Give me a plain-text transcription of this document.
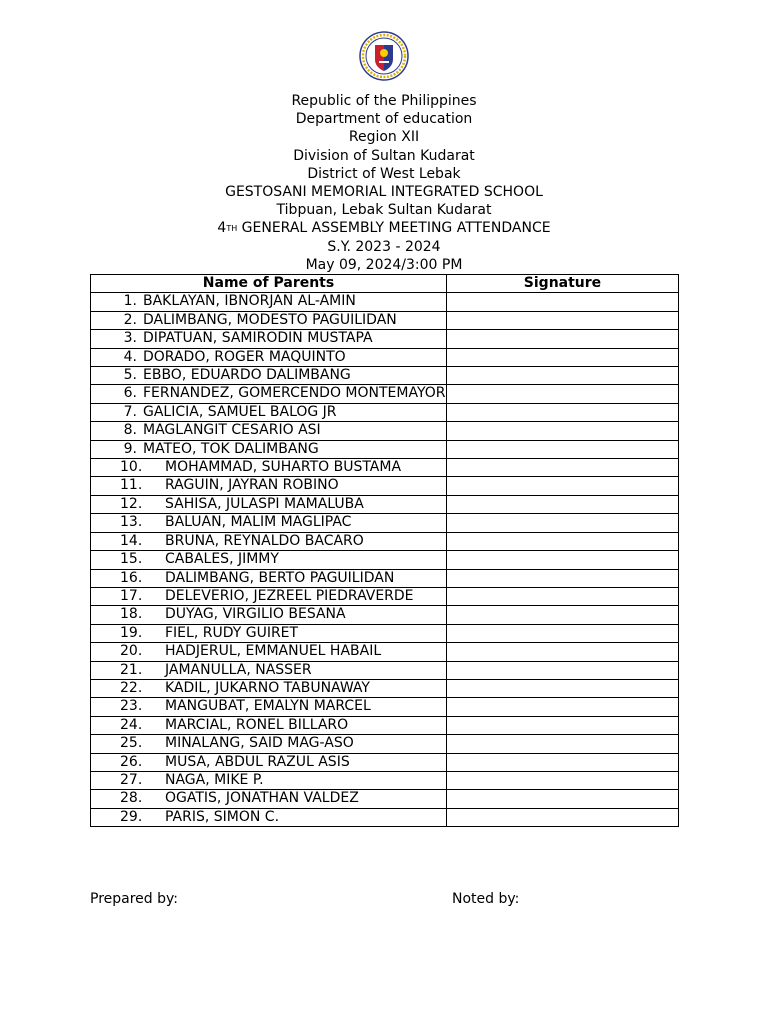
Republic of the Philippines
Department of education
Region XII
Division of Sultan Kudarat
District of West Lebak
GESTOSANI MEMORIAL INTEGRATED SCHOOL
Tibpuan, Lebak Sultan Kudarat
4TH GENERAL ASSEMBLY MEETING ATTENDANCE
S.Y. 2023 - 2024
May 09, 2024/3:00 PM
Name of Parents	Signature

1. BAKLAYAN, IBNORJAN AL-AMIN	

2. DALIMBANG, MODESTO PAGUILIDAN	

3. DIPATUAN, SAMIRODIN MUSTAPA	

4. DORADO, ROGER MAQUINTO	

5. EBBO, EDUARDO DALIMBANG	

6. FERNANDEZ, GOMERCENDO MONTEMAYOR	

7. GALICIA, SAMUEL BALOG JR	

8. MAGLANGIT CESARIO ASI	

9. MATEO, TOK DALIMBANG	

10. MOHAMMAD, SUHARTO BUSTAMA	

11. RAGUIN, JAYRAN ROBINO	

12. SAHISA, JULASPI MAMALUBA	

13. BALUAN, MALIM MAGLIPAC	

14. BRUNA, REYNALDO BACARO	

15. CABALES, JIMMY	

16. DALIMBANG, BERTO PAGUILIDAN	

17. DELEVERIO, JEZREEL PIEDRAVERDE	

18. DUYAG, VIRGILIO BESANA	

19. FIEL, RUDY GUIRET	

20. HADJERUL, EMMANUEL HABAIL	

21. JAMANULLA, NASSER	

22. KADIL, JUKARNO TABUNAWAY	

23. MANGUBAT, EMALYN MARCEL	

24. MARCIAL, RONEL BILLARO	

25. MINALANG, SAID MAG-ASO	

26. MUSA, ABDUL RAZUL ASIS	

27. NAGA, MIKE P.	

28. OGATIS, JONATHAN VALDEZ	

29. PARIS, SIMON C.	

Prepared by:	Noted by:
